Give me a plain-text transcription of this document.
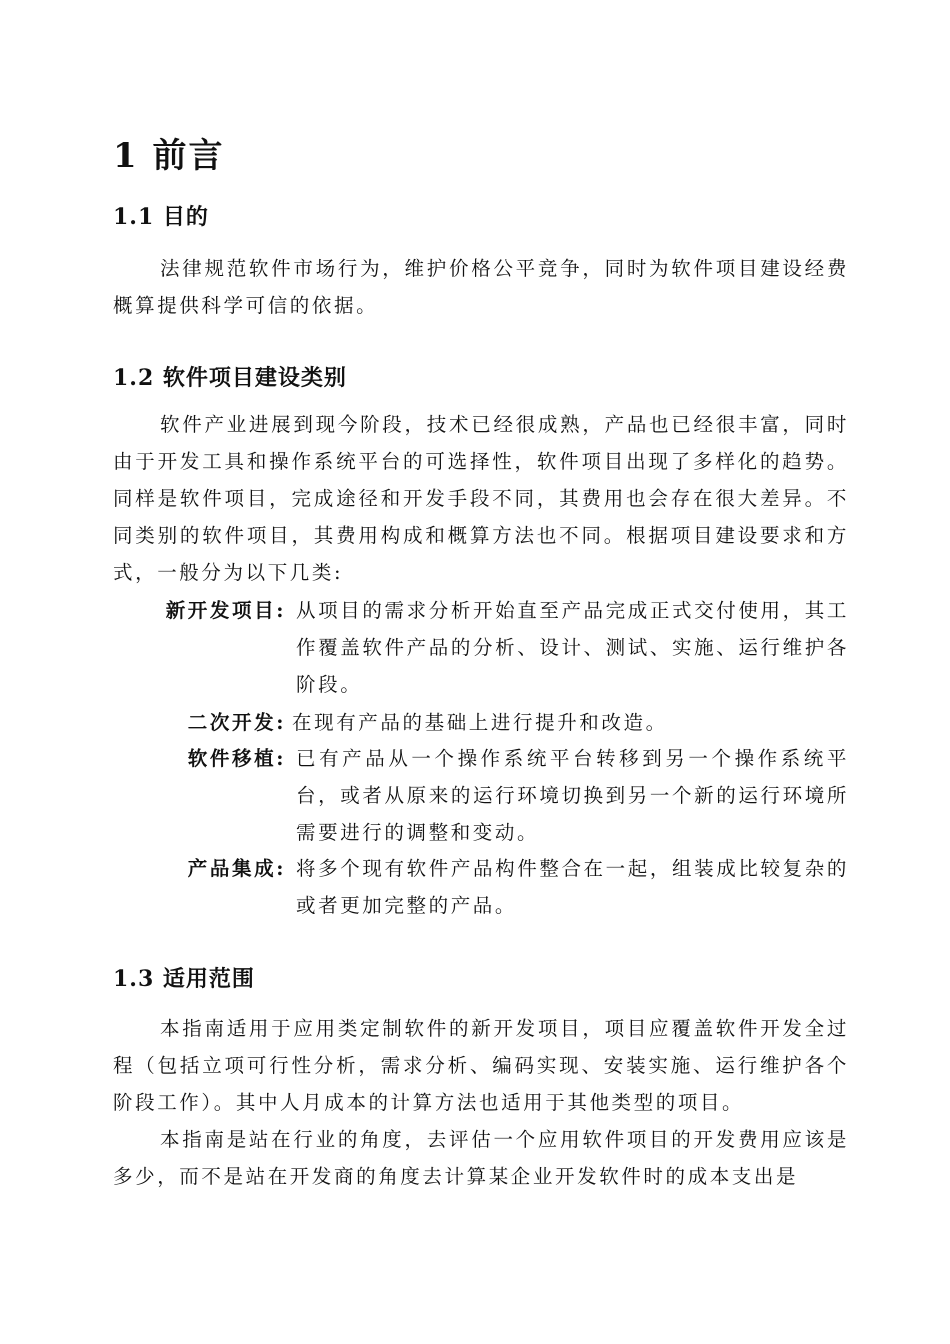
1 前言
1.1 目的
法律规范软件市场行为，维护价格公平竞争，同时为软件项目建设经费概算提供科学可信的依据。
1.2 软件项目建设类别
软件产业进展到现今阶段，技术已经很成熟，产品也已经很丰富，同时由于开发工具和操作系统平台的可选择性，软件项目出现了多样化的趋势。同样是软件项目，完成途径和开发手段不同，其费用也会存在很大差异。不同类别的软件项目，其费用构成和概算方法也不同。根据项目建设要求和方式，一般分为以下几类:
新开发项目: 从项目的需求分析开始直至产品完成正式交付使用，其工作覆盖软件产品的分析、设计、测试、实施、运行维护各阶段。
二次开发: 在现有产品的基础上进行提升和改造。
软件移植: 已有产品从一个操作系统平台转移到另一个操作系统平台，或者从原来的运行环境切换到另一个新的运行环境所需要进行的调整和变动。
产品集成: 将多个现有软件产品构件整合在一起，组装成比较复杂的或者更加完整的产品。
1.3 适用范围
本指南适用于应用类定制软件的新开发项目，项目应覆盖软件开发全过程（包括立项可行性分析，需求分析、编码实现、安装实施、运行维护各个阶段工作）。其中人月成本的计算方法也适用于其他类型的项目。
本指南是站在行业的角度，去评估一个应用软件项目的开发费用应该是多少，而不是站在开发商的角度去计算某企业开发软件时的成本支出是
